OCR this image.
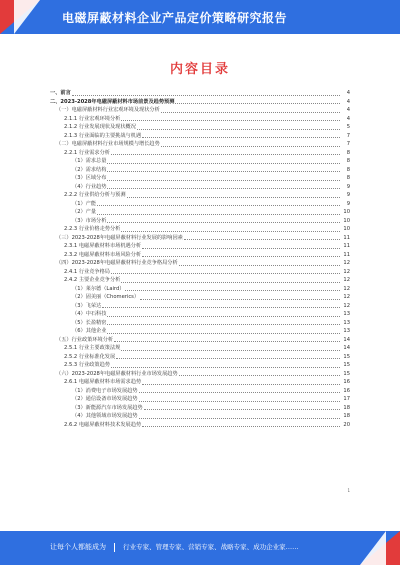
电磁屏蔽材料企业产品定价策略研究报告
内容目录
一、前言	4
二、2023-2028年电磁屏蔽材料市场前景及趋势预测	4
（一）电磁屏蔽材料行业宏观环境及现状分析	4
2.1.1 行业宏观环境分析	4
2.1.2 行业发展现状及现状概况	5
2.1.3 行业面临的主要挑战与机遇	7
（二）电磁屏蔽材料行业市场规模与增长趋势	7
2.2.1 行业需求分析	8
（1）需求总量	8
（2）需求结构	8
（3）区域分布	8
（4）行业趋势	9
2.2.2 行业供给分析与预测	9
（1）产能	9
（2）产量	10
（3）市场分析	10
2.2.3 行业价格走势分析	10
（三）2023-2028年电磁屏蔽材料行业发展的影响因素	11
2.3.1 电磁屏蔽材料市场机遇分析	11
2.3.2 电磁屏蔽材料市场风险分析	11
（四）2023-2028年电磁屏蔽材料行业竞争格局分析	12
2.4.1 行业竞争格局	12
2.4.2 主要企业竞争分析	12
（1）莱尔德（Laird）	12
（2）固美丽（Chomerics）	12
（3）飞荣达	12
（4）中石科技	13
（5）长盈精密	13
（6）其他企业	13
（五）行业政策环境分析	14
2.5.1 行业主要政策法规	14
2.5.2 行业标准化发展	15
2.5.3 行业政策趋势	15
（六）2023-2028年电磁屏蔽材料行业市场发展趋势	15
2.6.1 电磁屏蔽材料市场需求趋势	16
（1）消费电子市场发展趋势	16
（2）通信设备市场发展趋势	17
（3）新能源汽车市场发展趋势	18
（4）其他领域市场发展趋势	18
2.6.2 电磁屏蔽材料技术发展趋势	20
1
让每个人都能成为	行业专家、管理专家、营销专家、战略专家、成功企业家……
